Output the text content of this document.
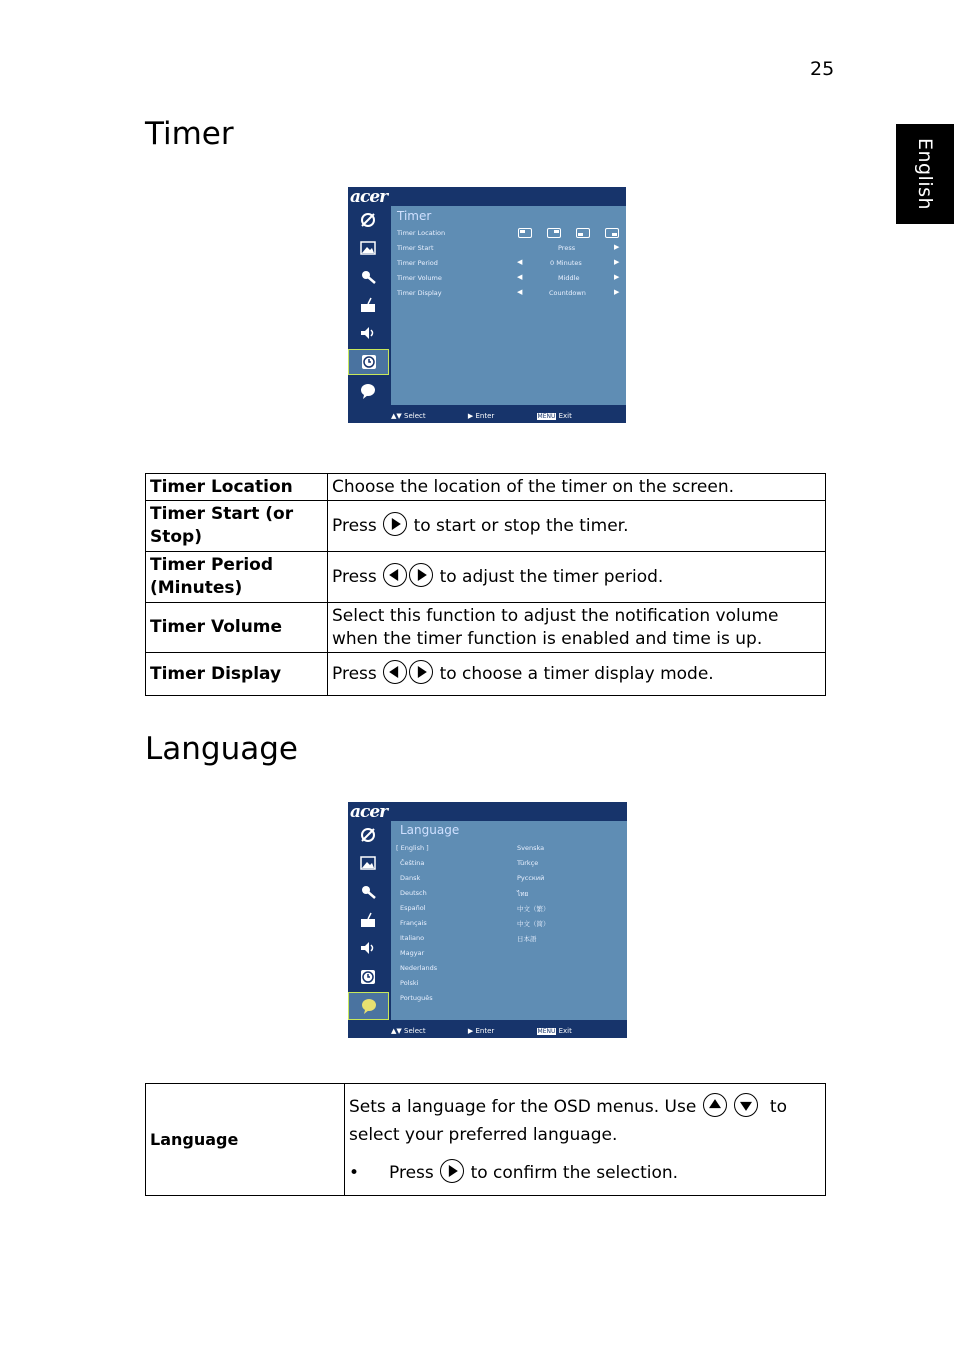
25
English
Timer
acer
Timer
Timer Location
Timer Start
Timer Period
Timer Volume
Timer Display
Press	▶
◀	0 Minutes	▶
◀	Middle	▶
◀	Countdown	▶
▲▼ Select	▶ Enter	MENU Exit
Timer Location	Choose the location of the timer on the screen.
Timer Start (or Stop)	Press to start or stop the timer.
Timer Period (Minutes)	Press to adjust the timer period.
Timer Volume	Select this function to adjust the notification volume when the timer function is enabled and time is up.
Timer Display	Press to choose a timer display mode.
Language
acer
Language
[ English ]
Čeština
Dansk
Deutsch
Español
Français
Italiano
Magyar
Nederlands
Polski
Português
Svenska
Türkçe
Русский
ไทย
中文（繁）
中文（简）
日本語
▲▼ Select	▶ Enter	MENU Exit
Language	
Sets a language for the OSD menus. Use
	to
select your preferred language.
• Press to confirm the selection.
